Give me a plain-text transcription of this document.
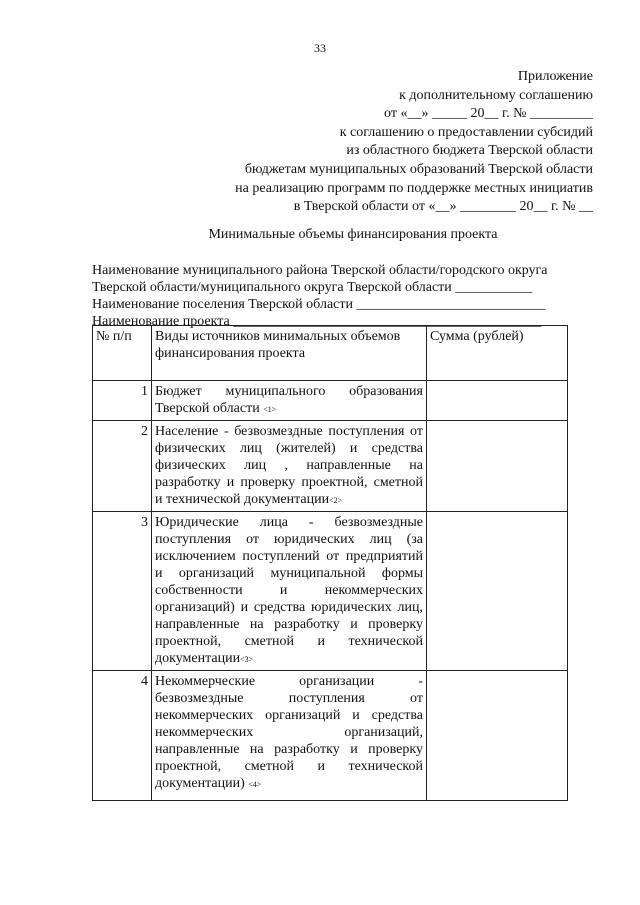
33
Приложение
к дополнительному соглашению
от «__» _____ 20__ г. № _________
к соглашению о предоставлении субсидий
из областного бюджета Тверской области
бюджетам муниципальных образований Тверской области
на реализацию программ по поддержке местных инициатив
в Тверской области от «__» ________ 20__ г. № __
Минимальные объемы финансирования проекта
Наименование муниципального района Тверской области/городского округа
Тверской области/муниципального округа Тверской области ___________
Наименование поселения Тверской области ___________________________
Наименование проекта ____________________________________________
№ п/п	Виды источников минимальных объемов финансирования проекта	Сумма (рублей)
1	Бюджет муниципального образования Тверской области <1>	
2	Население - безвозмездные поступления от физических лиц (жителей) и средства физических лиц , направленные на разработку и проверку проектной, сметной и технической документации<2>	
3	Юридические лица - безвозмездные поступления от юридических лиц (за исключением поступлений от предприятий и организаций муниципальной формы собственности и некоммерческих организаций) и средства юридических лиц, направленные на разработку и проверку проектной, сметной и технической документации<3>	
4	Некоммерческие организации - безвозмездные поступления от некоммерческих организаций и средства некоммерческих организаций, направленные на разработку и проверку проектной, сметной и технической документации) <4>	
